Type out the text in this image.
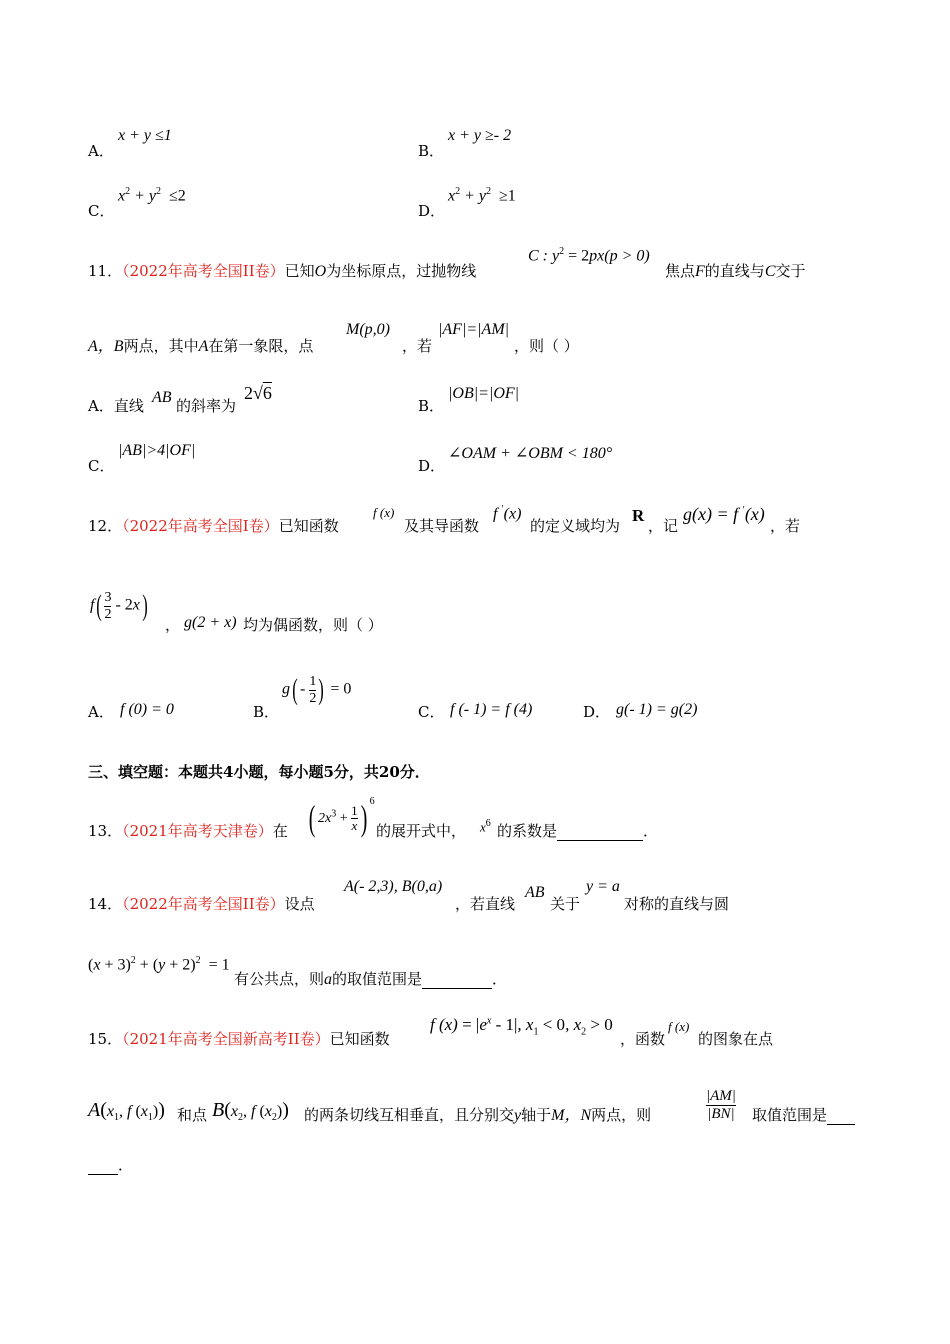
A．
x + y ≤1
B．
x + y ≥- 2
C．
$x^2 + y^2 \le 2$
D．
$x^2 + y^2 \ge 1$
11．（2022年高考全国II卷）已知O为坐标原点，过抛物线
C : $y^2 = 2px(p > 0)$
焦点F的直线与C交于
A，B两点，其中A在第一象限，点
M(p,0)
，若
|AF|=|AM|
，则（ ）
A．直线 AB 的斜率为
2√6
B．
|OB|=|OF|
C．
|AB|>4|OF|
D．
∠OAM + ∠OBM < 180°
12．（2022年高考全国I卷）已知函数
f (x)
及其导函数
f ′(x)
的定义域均为
R
，记
g(x) = f ′(x)
，若
$f( \frac{3}{2} - 2x)$
， g(2 + x) 均为偶函数，则（ ）
A． f (0) = 0	B．
$g( - \frac{1}{2}$ ) = 0
C． f (- 1) = f (4)	D． g(- 1) = g(2)
三、填空题：本题共4小题，每小题5分，共20分．
13．（2021年高考天津卷）在 ( $2x^3 + \frac{1}{x}$ ) $^6$
的展开式中， $x^6$ 的系数是	．
14．（2022年高考全国II卷）设点
A(- 2,3), B(0,a)
，若直线
AB
关于
y = a
对称的直线与圆
$(x + 3)^2 + (y + 2)^2 = 1$
有公共点，则a的取值范围是	．
15．（2021年高考全国新高考II卷）已知函数
f $(x) = |e^x - 1|$, $x_1 < 0$, $x_2 > 0$
，函数
f (x)
的图象在点
$A(x_1$, f $(x_1)$) 和点 $B(x_2$, f $(x_2)$) 的两条切线互相垂直，且分别交y轴于M，N两点，则	$\frac{|AM|}{|BN|}$ 取值范围是
．
